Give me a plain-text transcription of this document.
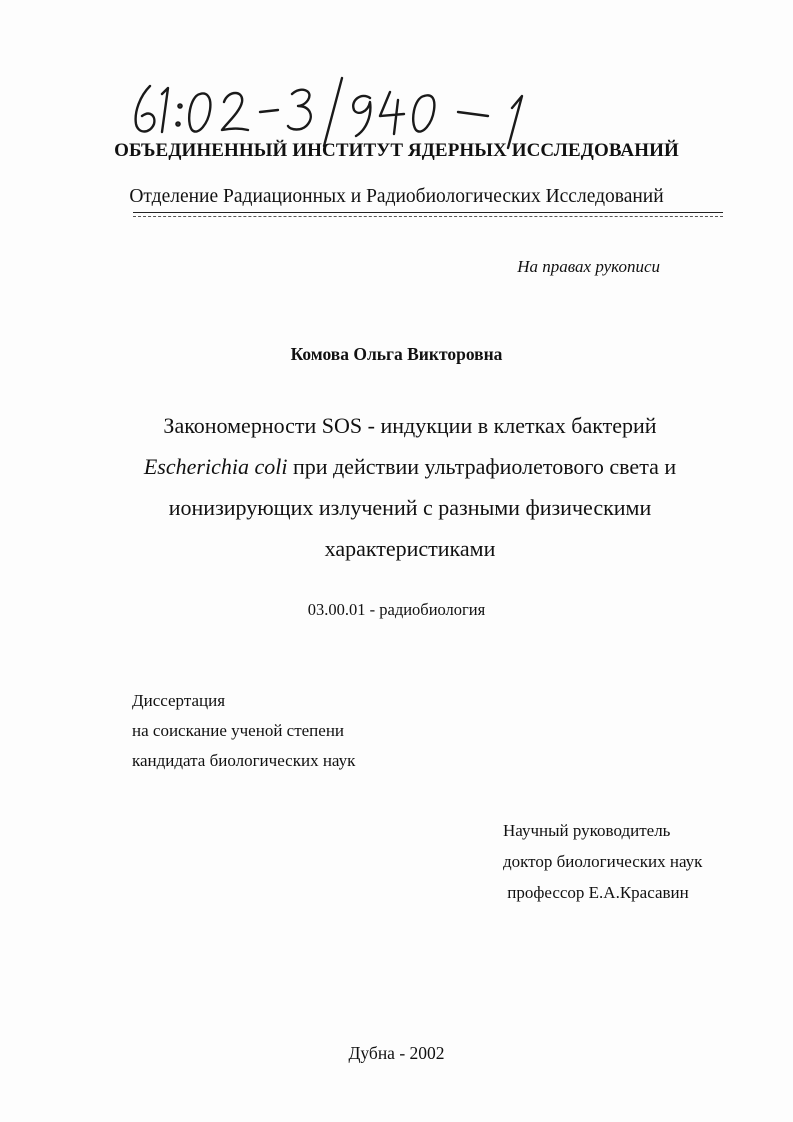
ОБЪЕДИНЕННЫЙ ИНСТИТУТ ЯДЕРНЫХ ИССЛЕДОВАНИЙ
Отделение Радиационных и Радиобиологических Исследований
На правах рукописи
Комова Ольга Викторовна
Закономерности SOS - индукции в клетках бактерий
Escherichia coli при действии ультрафиолетового света и
ионизирующих излучений с разными физическими
характеристиками
03.00.01 - радиобиология
Диссертация
на соискание ученой степени
кандидата биологических наук
Научный руководитель
доктор биологических наук
профессор Е.А.Красавин
Дубна - 2002
